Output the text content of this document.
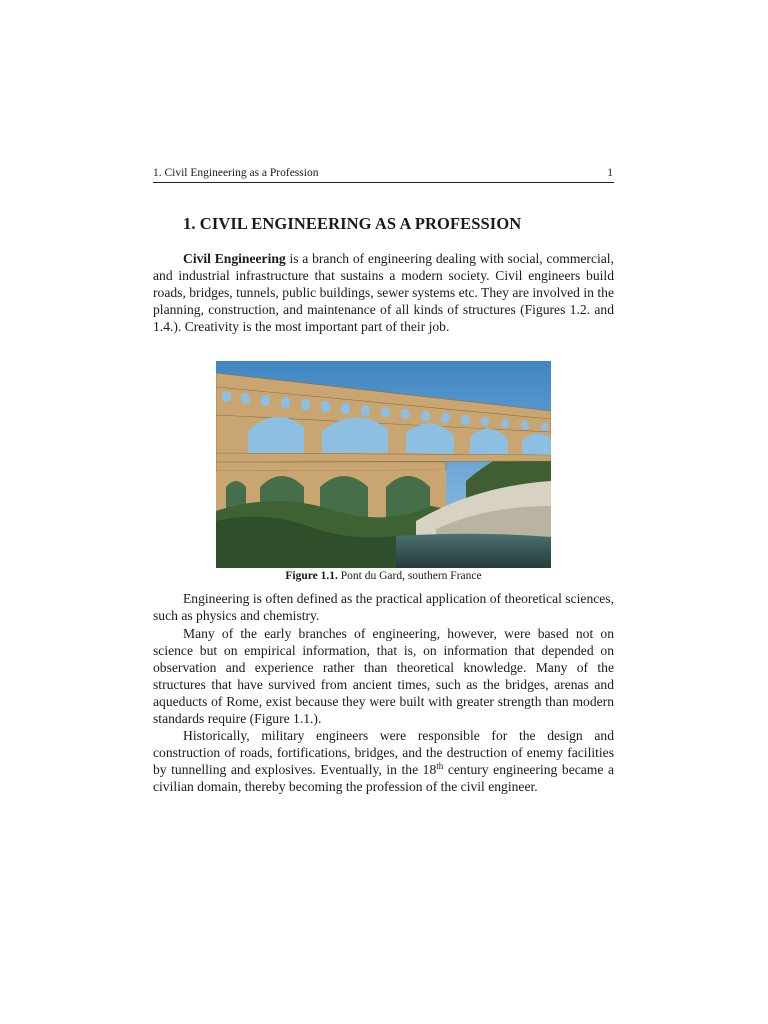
1. Civil Engineering as a Profession	1
1. CIVIL ENGINEERING AS A PROFESSION

Civil Engineering is a branch of engineering dealing with social, commercial, and industrial infrastructure that sustains a modern society. Civil engineers build roads, bridges, tunnels, public buildings, sewer systems etc. They are involved in the planning, construction, and maintenance of all kinds of structures (Figures 1.2. and 1.4.). Creativity is the most important part of their job.

Figure 1.1. Pont du Gard, southern France

Engineering is often defined as the practical application of theoretical sciences, such as physics and chemistry.

Many of the early branches of engineering, however, were based not on science but on empirical information, that is, on information that depended on observation and experience rather than theoretical knowledge. Many of the structures that have survived from ancient times, such as the bridges, arenas and aqueducts of Rome, exist because they were built with greater strength than modern standards require (Figure 1.1.).

Historically, military engineers were responsible for the design and construction of roads, fortifications, bridges, and the destruction of enemy facilities by tunnelling and explosives. Eventually, in the 18th century engineering became a civilian domain, thereby becoming the profession of the civil engineer.
